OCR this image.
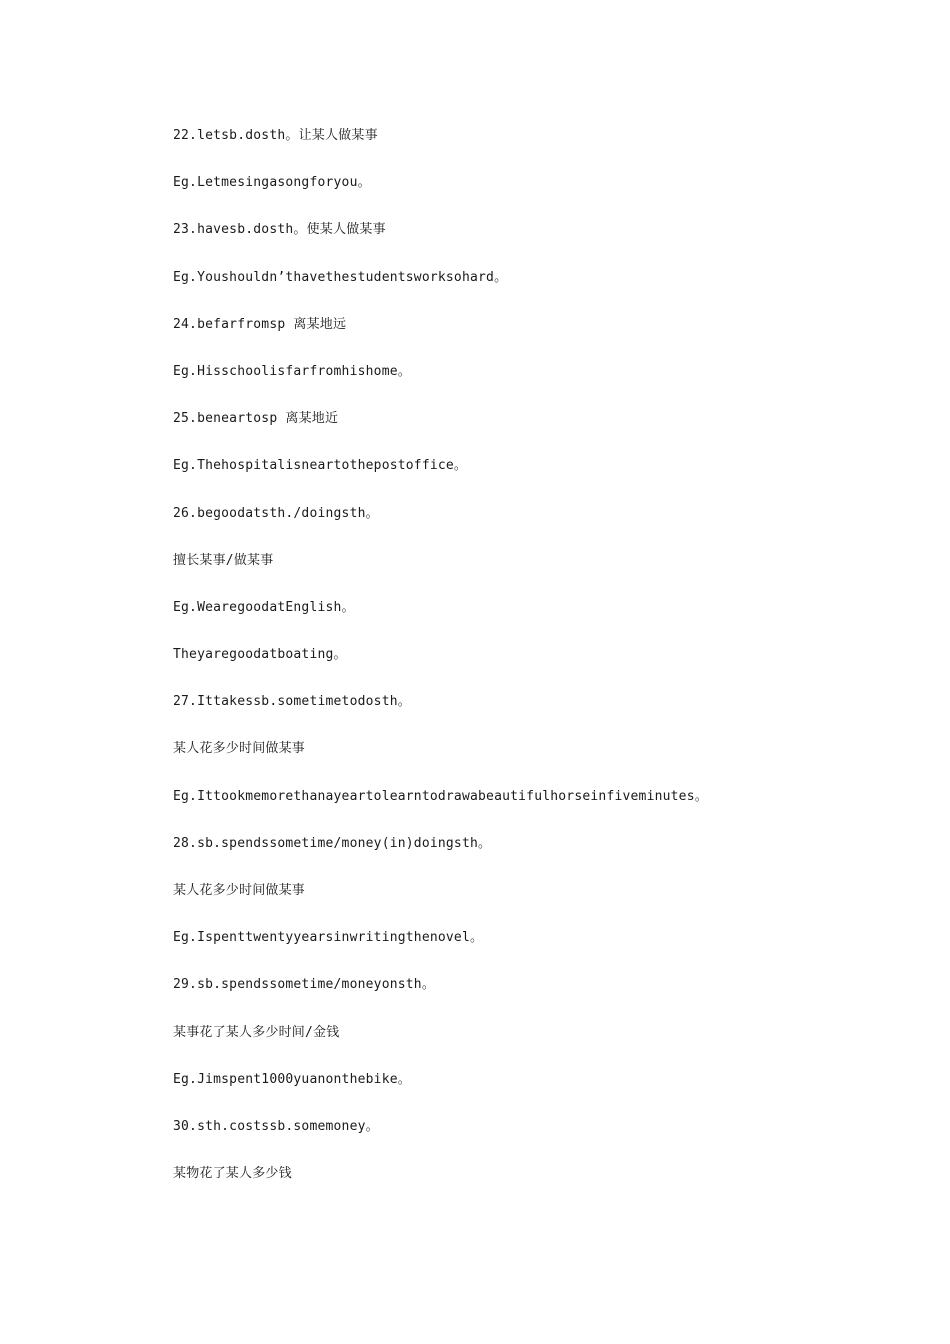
22.letsb.dosth。让某人做某事
Eg.Letmesingasongforyou。
23.havesb.dosth。使某人做某事
Eg.Youshouldn’thavethestudentsworksohard。
24.befarfromsp 离某地远
Eg.Hisschoolisfarfromhishome。
25.beneartosp 离某地近
Eg.Thehospitalisneartothepostoffice。
26.begoodatsth./doingsth。
擅长某事/做某事
Eg.WearegoodatEnglish。
Theyaregoodatboating。
27.Ittakessb.sometimetodosth。
某人花多少时间做某事
Eg.Ittookmemorethanayeartolearntodrawabeautifulhorseinfiveminutes。
28.sb.spendssometime/money(in)doingsth。
某人花多少时间做某事
Eg.Ispenttwentyyearsinwritingthenovel。
29.sb.spendssometime/moneyonsth。
某事花了某人多少时间/金钱
Eg.Jimspent1000yuanonthebike。
30.sth.costssb.somemoney。
某物花了某人多少钱
